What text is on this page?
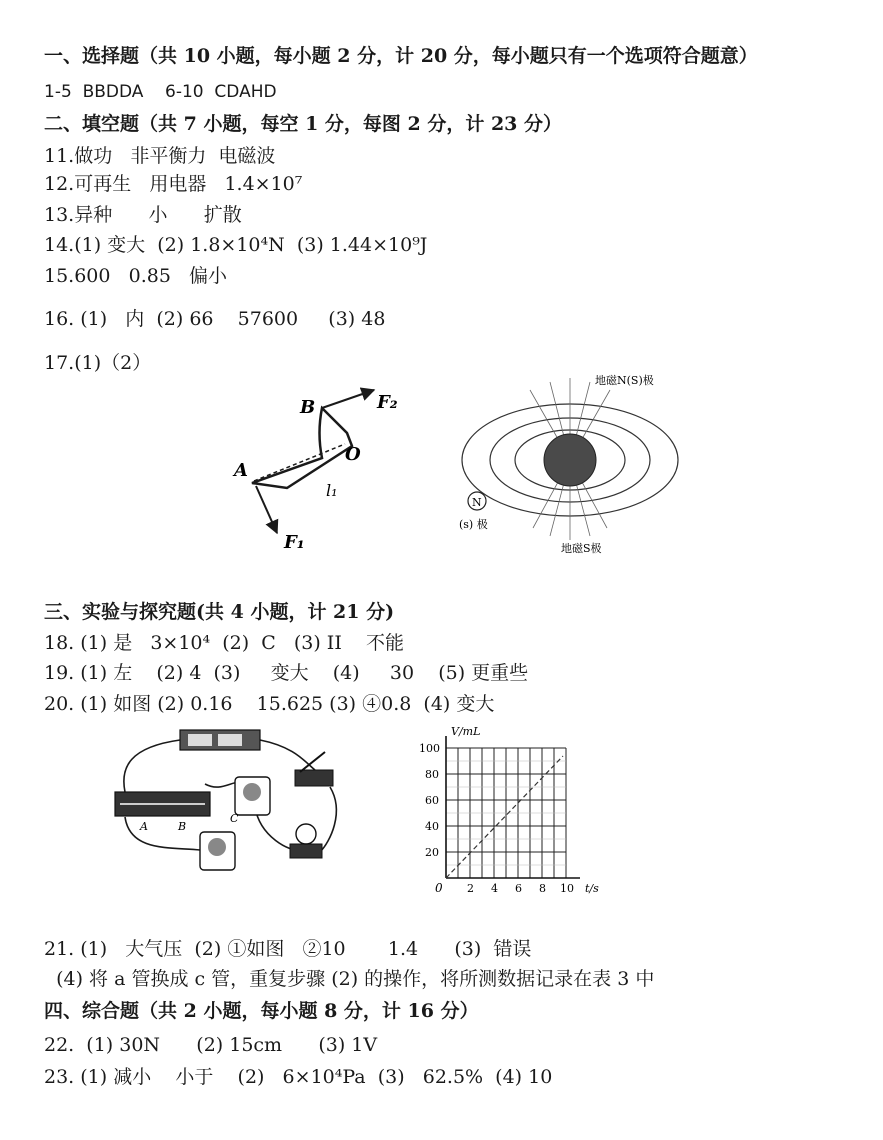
一、选择题（共 10 小题，每小题 2 分，计 20 分，每小题只有一个选项符合题意）
1-5  BBDDA    6-10  CDAHD
二、填空题（共 7 小题，每空 1 分，每图 2 分，计 23 分）
11.做功   非平衡力  电磁波
12.可再生   用电器   1.4×10⁷
13.异种      小      扩散
14.(1) 变大  (2) 1.8×10⁴N  (3) 1.44×10⁹J
15.600   0.85   偏小
16. (1)   内  (2) 66    57600     (3) 48
17.(1)（2）
B	F₂
O
A
l₁
F₁
N
地磁N(S)极
(s) 极
地磁S极
三、实验与探究题(共 4 小题，计 21 分)
18. (1) 是   3×10⁴  (2)  C   (3) II    不能
19. (1) 左    (2) 4  (3)     变大    (4)     30    (5) 更重些
20. (1) 如图 (2) 0.16    15.625 (3) ④0.8  (4) 变大
A	B
C
V/mL
t/s
0
20
40
60
80
100
2 4 6 8 10
21. (1)   大气压  (2) ①如图   ②10       1.4      (3)  错误
(4) 将 a 管换成 c 管，重复步骤 (2) 的操作，将所测数据记录在表 3 中
四、综合题（共 2 小题，每小题 8 分，计 16 分）
22.  (1) 30N      (2) 15cm      (3) 1V
23. (1) 减小    小于    (2)   6×10⁴Pa  (3)   62.5%  (4) 10
